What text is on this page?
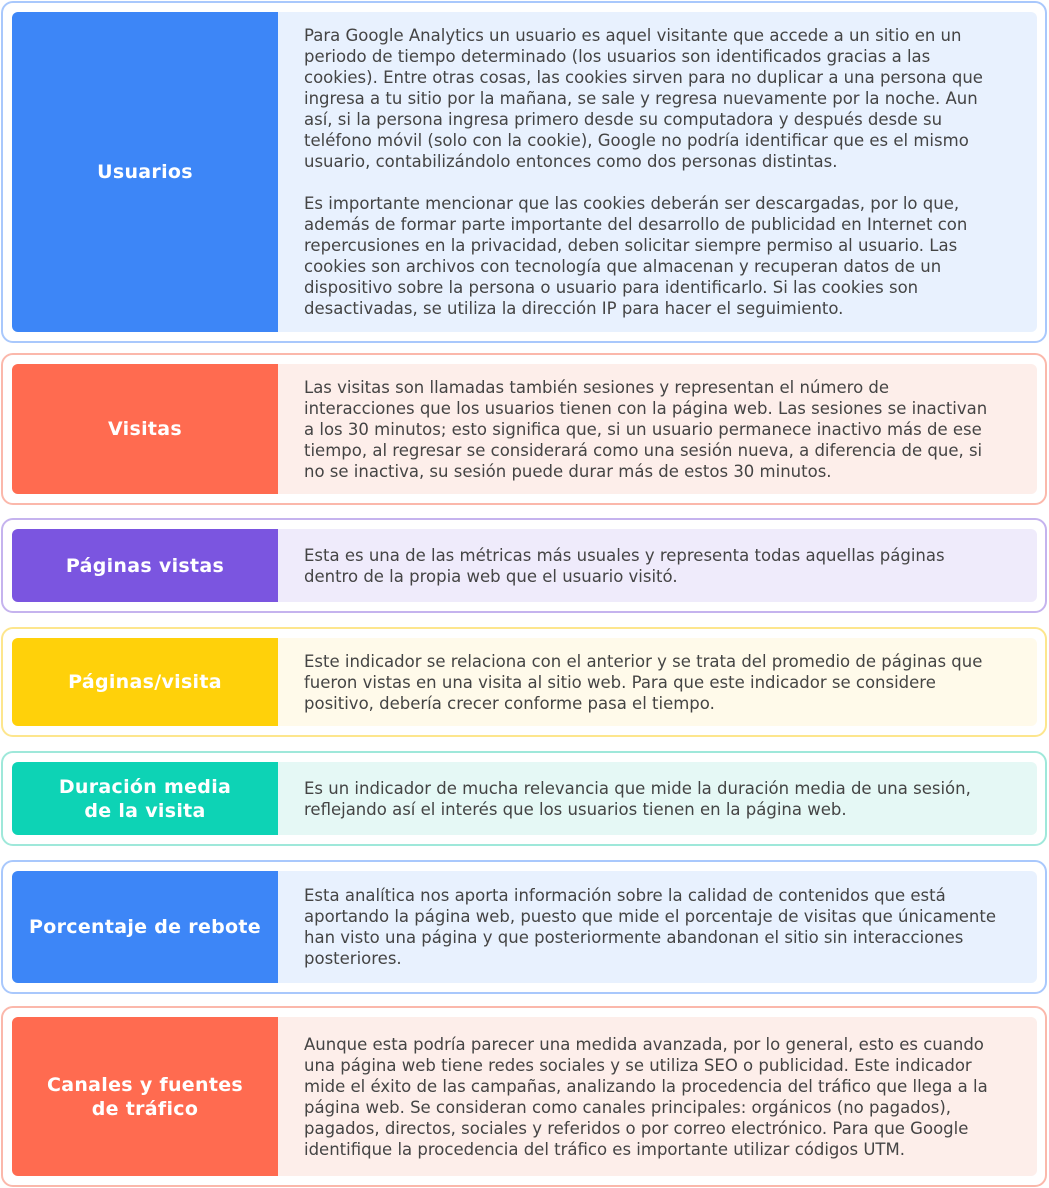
Usuarios

Para Google Analytics un usuario es aquel visitante que accede a un sitio en un periodo de tiempo determinado (los usuarios son identificados gracias a las cookies). Entre otras cosas, las cookies sirven para no duplicar a una persona que ingresa a tu sitio por la mañana, se sale y regresa nuevamente por la noche. Aun así, si la persona ingresa primero desde su computadora y después desde su teléfono móvil (solo con la cookie), Google no podría identificar que es el mismo usuario, contabilizándolo entonces como dos personas distintas.

Es importante mencionar que las cookies deberán ser descargadas, por lo que, además de formar parte importante del desarrollo de publicidad en Internet con repercusiones en la privacidad, deben solicitar siempre permiso al usuario. Las cookies son archivos con tecnología que almacenan y recuperan datos de un dispositivo sobre la persona o usuario para identificarlo. Si las cookies son desactivadas, se utiliza la dirección IP para hacer el seguimiento.

Visitas

Las visitas son llamadas también sesiones y representan el número de interacciones que los usuarios tienen con la página web. Las sesiones se inactivan a los 30 minutos; esto significa que, si un usuario permanece inactivo más de ese tiempo, al regresar se considerará como una sesión nueva, a diferencia de que, si no se inactiva, su sesión puede durar más de estos 30 minutos.

Páginas vistas	Esta es una de las métricas más usuales y representa todas aquellas páginas dentro de la propia web que el usuario visitó.

Páginas/visita

Este indicador se relaciona con el anterior y se trata del promedio de páginas que fueron vistas en una visita al sitio web. Para que este indicador se considere positivo, debería crecer conforme pasa el tiempo.

Duración media
de la visita

Es un indicador de mucha relevancia que mide la duración media de una sesión, reflejando así el interés que los usuarios tienen en la página web.

Porcentaje de rebote

Esta analítica nos aporta información sobre la calidad de contenidos que está aportando la página web, puesto que mide el porcentaje de visitas que únicamente han visto una página y que posteriormente abandonan el sitio sin interacciones posteriores.

Canales y fuentes
de tráfico

Aunque esta podría parecer una medida avanzada, por lo general, esto es cuando una página web tiene redes sociales y se utiliza SEO o publicidad. Este indicador mide el éxito de las campañas, analizando la procedencia del tráfico que llega a la página web. Se consideran como canales principales: orgánicos (no pagados), pagados, directos, sociales y referidos o por correo electrónico. Para que Google identifique la procedencia del tráfico es importante utilizar códigos UTM.
